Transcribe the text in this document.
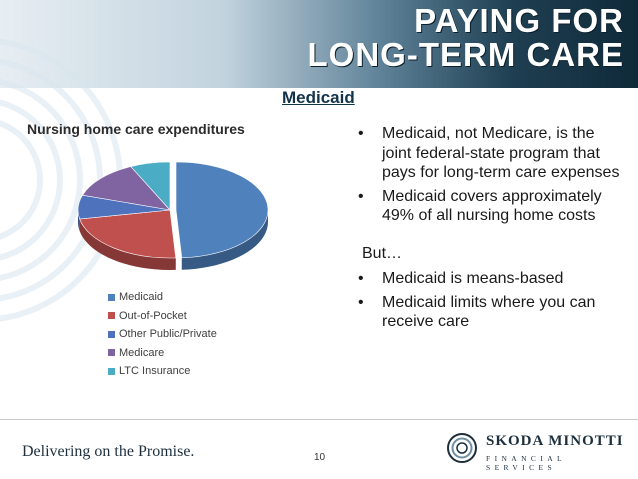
PAYING FOR
LONG-TERM CARE
Medicaid
Nursing home care expenditures
Medicaid
Out-of-Pocket
Other Public/Private
Medicare
LTC Insurance
•	Medicaid, not Medicare, is the joint federal-state program that pays for long-term care expenses
•	Medicaid covers approximately 49% of all nursing home costs
But…
•	Medicaid is means-based
•	Medicaid limits where you can receive care
Delivering on the Promise.	10
SKODA MINOTTI
FINANCIAL SERVICES
